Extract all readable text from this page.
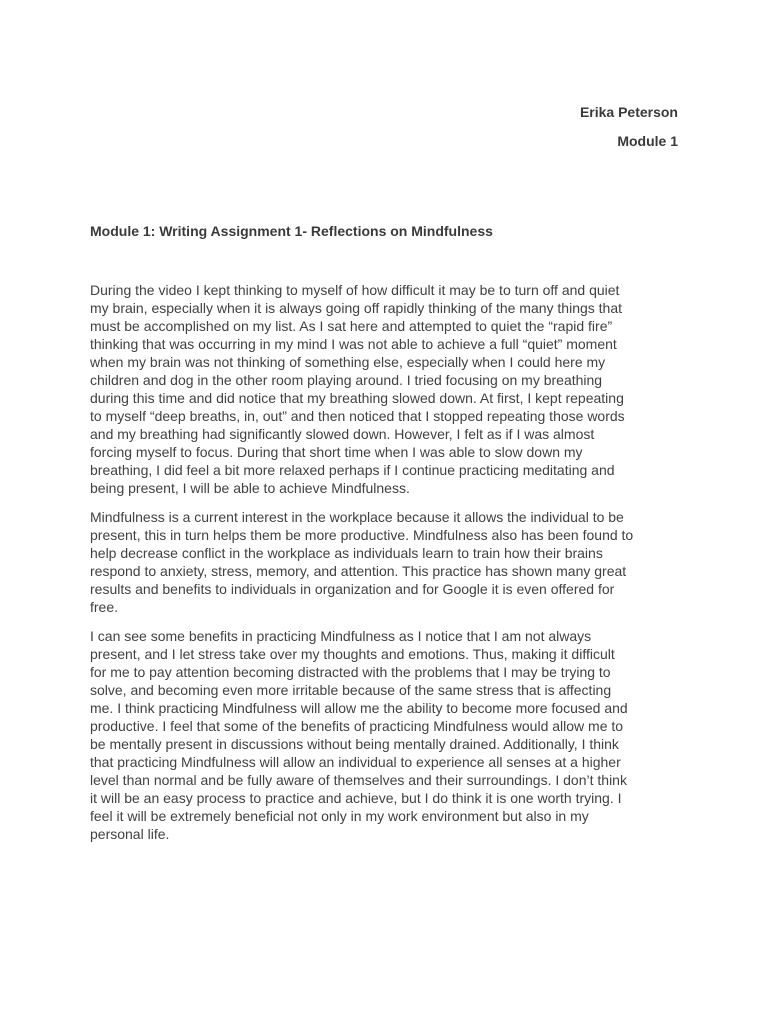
Erika Peterson
Module 1
Module 1: Writing Assignment 1- Reflections on Mindfulness

During the video I kept thinking to myself of how difficult it may be to turn off and quiet
my brain, especially when it is always going off rapidly thinking of the many things that
must be accomplished on my list. As I sat here and attempted to quiet the “rapid fire”
thinking that was occurring in my mind I was not able to achieve a full “quiet” moment
when my brain was not thinking of something else, especially when I could here my
children and dog in the other room playing around. I tried focusing on my breathing
during this time and did notice that my breathing slowed down. At first, I kept repeating
to myself “deep breaths, in, out” and then noticed that I stopped repeating those words
and my breathing had significantly slowed down. However, I felt as if I was almost
forcing myself to focus. During that short time when I was able to slow down my
breathing, I did feel a bit more relaxed perhaps if I continue practicing meditating and
being present, I will be able to achieve Mindfulness.

Mindfulness is a current interest in the workplace because it allows the individual to be
present, this in turn helps them be more productive. Mindfulness also has been found to
help decrease conflict in the workplace as individuals learn to train how their brains
respond to anxiety, stress, memory, and attention. This practice has shown many great
results and benefits to individuals in organization and for Google it is even offered for
free.

I can see some benefits in practicing Mindfulness as I notice that I am not always
present, and I let stress take over my thoughts and emotions. Thus, making it difficult
for me to pay attention becoming distracted with the problems that I may be trying to
solve, and becoming even more irritable because of the same stress that is affecting
me. I think practicing Mindfulness will allow me the ability to become more focused and
productive. I feel that some of the benefits of practicing Mindfulness would allow me to
be mentally present in discussions without being mentally drained. Additionally, I think
that practicing Mindfulness will allow an individual to experience all senses at a higher
level than normal and be fully aware of themselves and their surroundings. I don’t think
it will be an easy process to practice and achieve, but I do think it is one worth trying. I
feel it will be extremely beneficial not only in my work environment but also in my
personal life.
